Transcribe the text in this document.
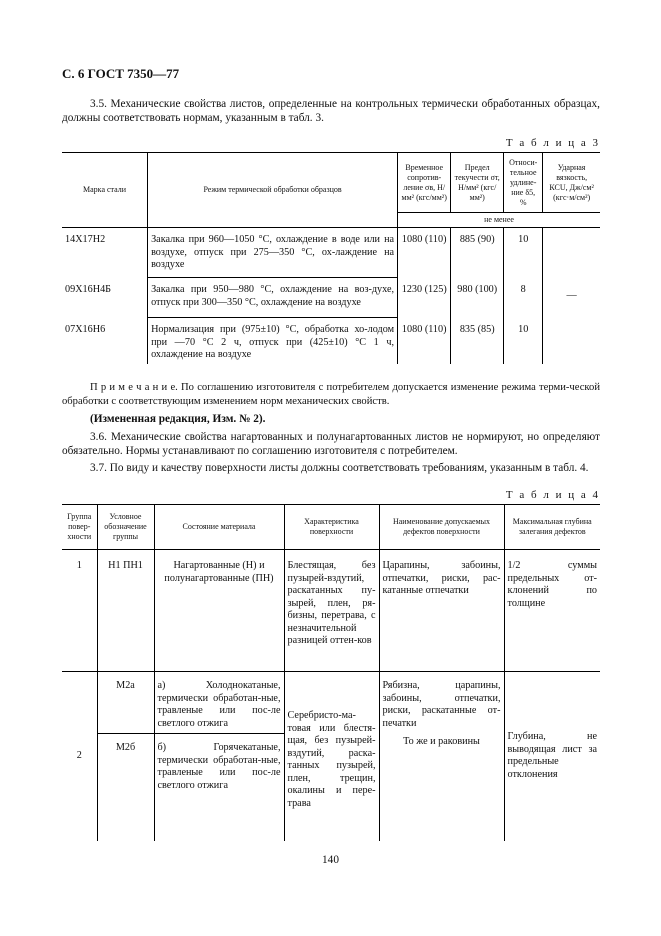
С. 6 ГОСТ 7350—77
3.5. Механические свойства листов, определенные на контрольных термически обработанных образцах, должны соответствовать нормам, указанным в табл. 3.
Т а б л и ц а 3
Марка стали	Режим термической обработки образцов	Временное сопротив-ление σв, Н/мм² (кгс/мм²)	Предел текучести σт, Н/мм² (кгс/мм²)	Относи-тельное удлине-ние δ5, %	Ударная вязкость, КСU, Дж/см² (кгс·м/см²)
		не менее			
14Х17Н2	Закалка при 960—1050 °С, охлаждение в воде или на воздухе, отпуск при 275—350 °С, ох-лаждение на воздухе	1080 (110)	885 (90)	10	—
09Х16Н4Б	Закалка при 950—980 °С, охлаждение на воз-духе, отпуск при 300—350 °С, охлаждение на воздухе	1230 (125)	980 (100)	8	
07Х16Н6	Нормализация при (975±10) °С, обработка хо-лодом при —70 °С 2 ч, отпуск при (425±10) °С 1 ч, охлаждение на воздухе	1080 (110)	835 (85)	10	
П р и м е ч а н и е. По соглашению изготовителя с потребителем допускается изменение режима терми-ческой обработки с соответствующим изменением норм механических свойств.
(Измененная редакция, Изм. № 2).
3.6. Механические свойства нагартованных и полунагартованных листов не нормируют, но определяют обязательно. Нормы устанавливают по соглашению изготовителя с потребителем.
3.7. По виду и качеству поверхности листы должны соответствовать требованиям, указанным в табл. 4.
Т а б л и ц а 4
Группа повер-хности	Условное обозначение группы	Состояние материала	Характеристика поверхности	Наименование допускаемых дефектов поверхности	Максимальная глубина залегания дефектов
1	Н1 ПН1	Нагартованные (Н) и полунагартованные (ПН)	Блестящая, без пузырей-вздутий, раскатанных пу-зырей, плен, ря-бизны, перетрава, с незначительной разницей оттен-ков	Царапины, забоины, отпечатки, риски, рас-катанные отпечатки	1/2 суммы предельных от-клонений по толщине
2	М2а	а) Холоднокатаные, термически обработан-ные, травленые или пос-ле светлого отжига	Серебристо-ма-товая или блестя-щая, без пузырей-вздутий, раска-танных пузырей, плен, трещин, окалины и пере-трава	Рябизна, царапины, забоины, отпечатки, риски, раскатанные от-печатки	Глубина, не выводящая лист за предельные отклонения
	М2б	б) Горячекатаные, термически обработан-ные, травленые или пос-ле светлого отжига		То же и раковины	
140
